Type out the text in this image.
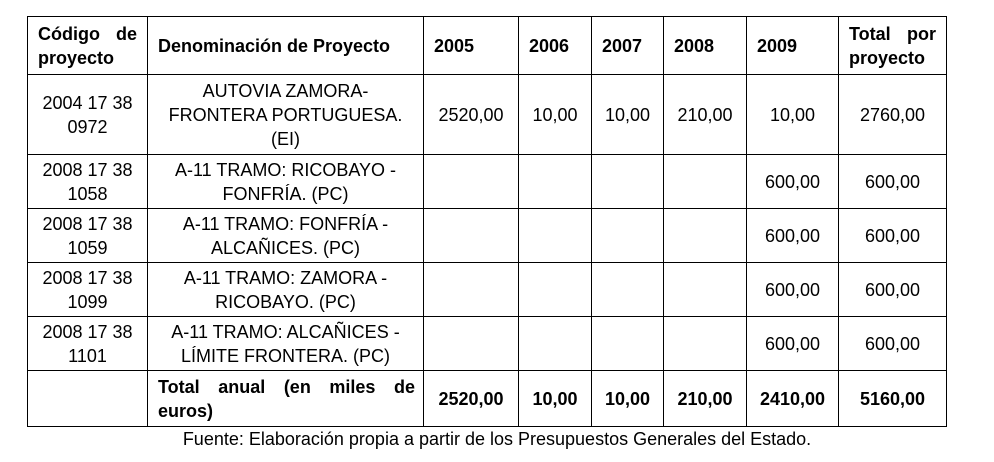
Código de proyecto	Denominación de Proyecto	2005	2006	2007	2008	2009	Total por proyecto
2004 17 38 0972	AUTOVIA ZAMORA-FRONTERA PORTUGUESA. (EI)	2520,00	10,00	10,00	210,00	10,00	2760,00
2008 17 38 1058	A-11 TRAMO: RICOBAYO - FONFRÍA. (PC)					600,00	600,00
2008 17 38 1059	A-11 TRAMO: FONFRÍA - ALCAÑICES. (PC)					600,00	600,00
2008 17 38 1099	A-11 TRAMO: ZAMORA - RICOBAYO. (PC)					600,00	600,00
2008 17 38 1101	A-11 TRAMO: ALCAÑICES - LÍMITE FRONTERA. (PC)					600,00	600,00
	Total anual (en miles de euros)	2520,00	10,00	10,00	210,00	2410,00	5160,00
Fuente: Elaboración propia a partir de los Presupuestos Generales del Estado.
